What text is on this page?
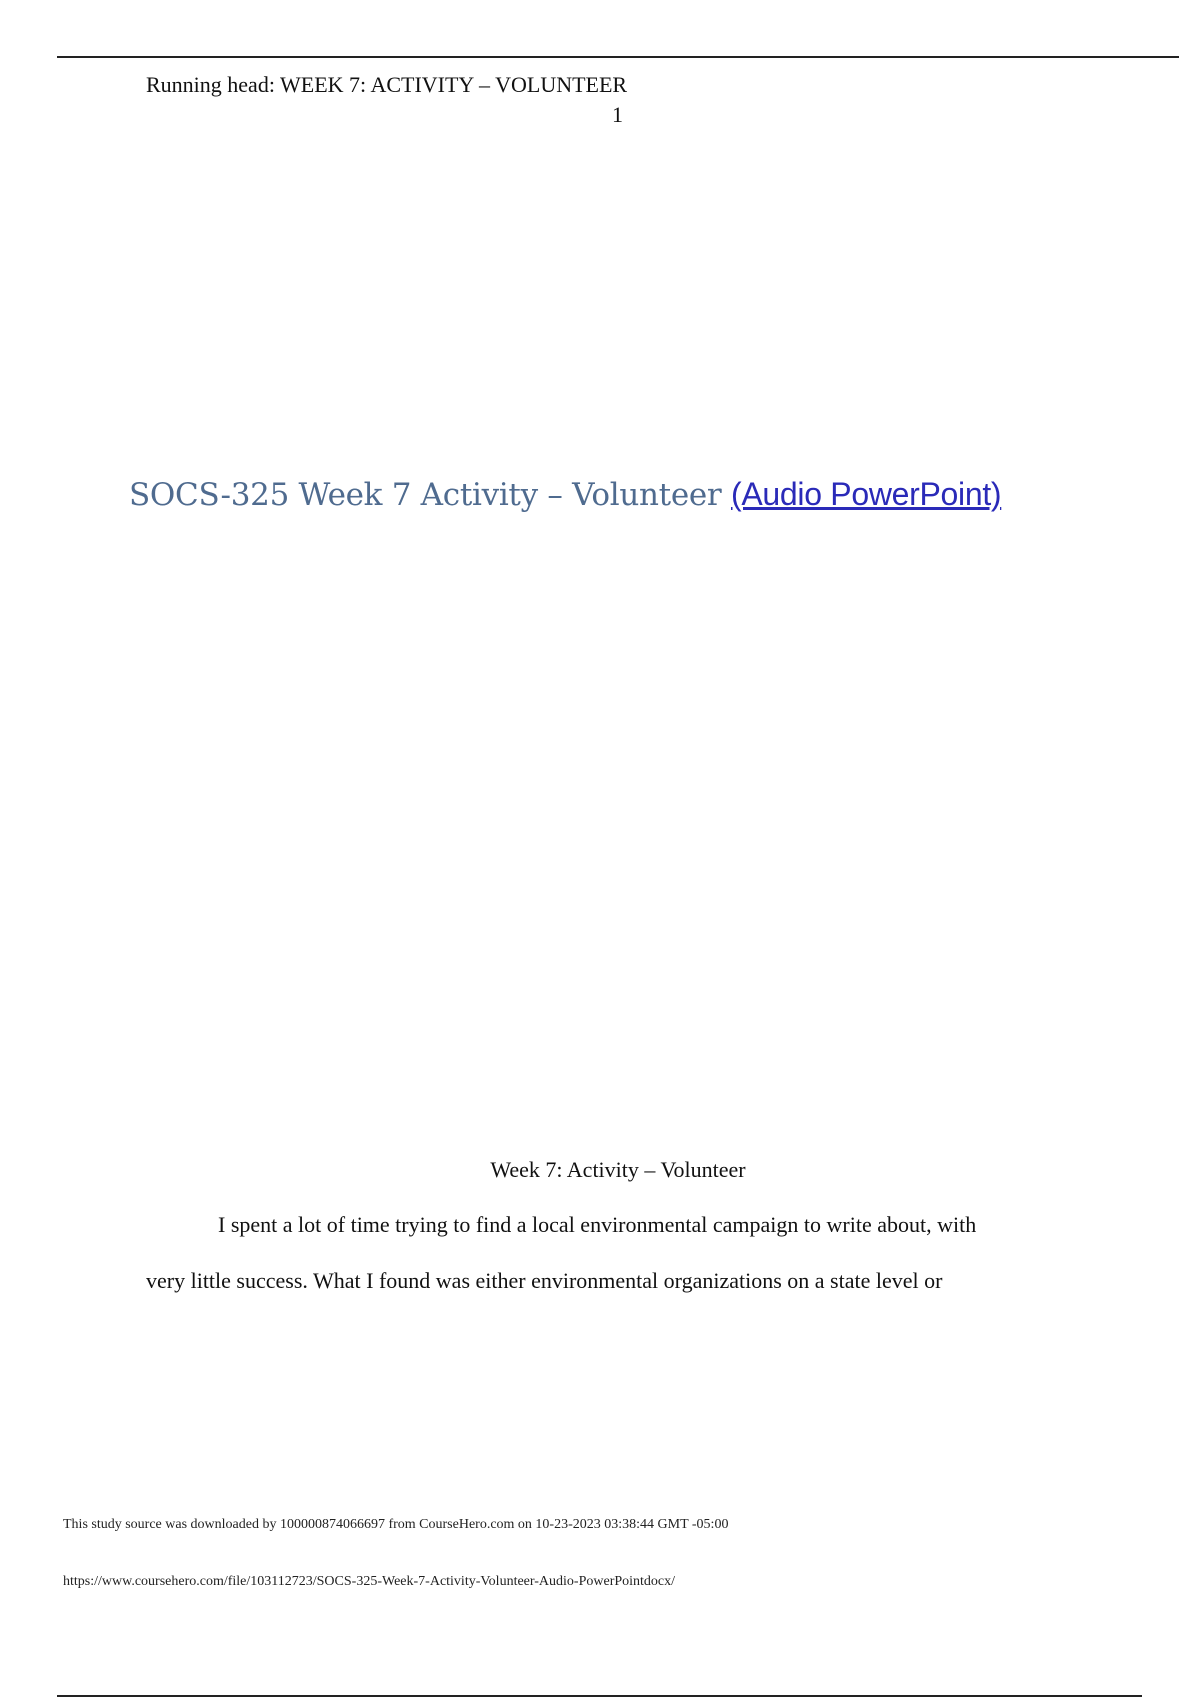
Running head: WEEK 7: ACTIVITY – VOLUNTEER
1
SOCS-325 Week 7 Activity – Volunteer (Audio PowerPoint)
Week 7: Activity – Volunteer
I spent a lot of time trying to find a local environmental campaign to write about, with
very little success. What I found was either environmental organizations on a state level or
This study source was downloaded by 100000874066697 from CourseHero.com on 10-23-2023 03:38:44 GMT -05:00
https://www.coursehero.com/file/103112723/SOCS-325-Week-7-Activity-Volunteer-Audio-PowerPointdocx/
